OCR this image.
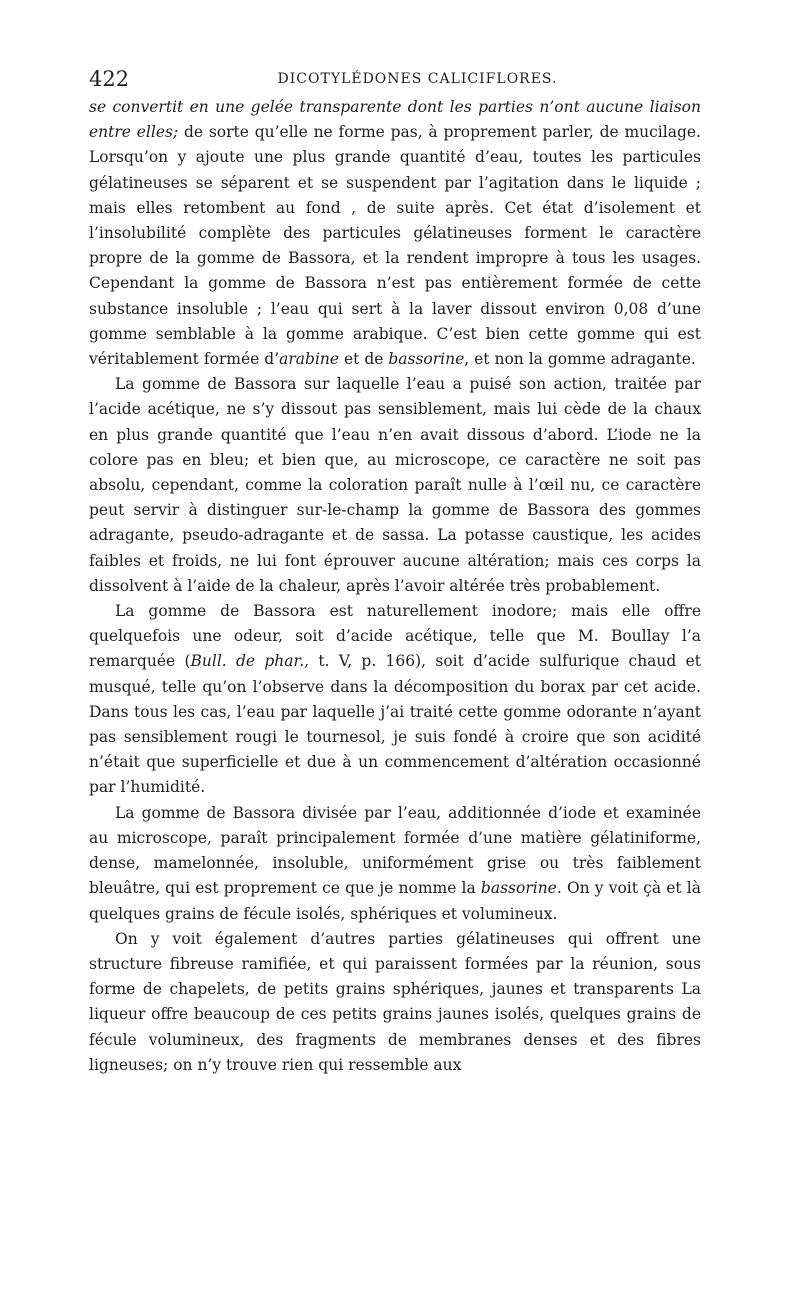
422	DICOTYLÉDONES CALICIFLORES.

se convertit en une gelée transparente dont les parties n’ont aucune liaison entre elles; de sorte qu’elle ne forme pas, à proprement parler, de mucilage. Lorsqu’on y ajoute une plus grande quantité d’eau, toutes les particules gélatineuses se séparent et se suspendent par l’agitation dans le liquide ; mais elles retombent au fond , de suite après. Cet état d’isolement et l’insolubilité complète des particules gélatineuses forment le caractère propre de la gomme de Bassora, et la rendent impropre à tous les usages. Cependant la gomme de Bassora n’est pas entièrement formée de cette substance insoluble ; l’eau qui sert à la laver dissout environ 0,08 d’une gomme semblable à la gomme arabique. C’est bien cette gomme qui est véritablement formée d’arabine et de bassorine, et non la gomme adragante.

La gomme de Bassora sur laquelle l’eau a puisé son action, traitée par l’acide acétique, ne s’y dissout pas sensiblement, mais lui cède de la chaux en plus grande quantité que l’eau n’en avait dissous d’abord. L’iode ne la colore pas en bleu; et bien que, au microscope, ce caractère ne soit pas absolu, cependant, comme la coloration paraît nulle à l’œil nu, ce caractère peut servir à distinguer sur-le-champ la gomme de Bassora des gommes adragante, pseudo-adragante et de sassa. La potasse caustique, les acides faibles et froids, ne lui font éprouver aucune altération; mais ces corps la dissolvent à l’aide de la chaleur, après l’avoir altérée très probablement.

La gomme de Bassora est naturellement inodore; mais elle offre quelquefois une odeur, soit d’acide acétique, telle que M. Boullay l’a remarquée (Bull. de phar., t. V, p. 166), soit d’acide sulfurique chaud et musqué, telle qu’on l’observe dans la décomposition du borax par cet acide. Dans tous les cas, l’eau par laquelle j’ai traité cette gomme odorante n’ayant pas sensiblement rougi le tournesol, je suis fondé à croire que son acidité n’était que superficielle et due à un commencement d’altération occasionné par l’humidité.

La gomme de Bassora divisée par l’eau, additionnée d’iode et examinée au microscope, paraît principalement formée d’une matière gélatiniforme, dense, mamelonnée, insoluble, uniformément grise ou très faiblement bleuâtre, qui est proprement ce que je nomme la bassorine. On y voit çà et là quelques grains de fécule isolés, sphériques et volumineux.

On y voit également d’autres parties gélatineuses qui offrent une structure fibreuse ramifiée, et qui paraissent formées par la réunion, sous forme de chapelets, de petits grains sphériques, jaunes et transparents La liqueur offre beaucoup de ces petits grains jaunes isolés, quelques grains de fécule volumineux, des fragments de membranes denses et des fibres ligneuses; on n’y trouve rien qui ressemble aux
